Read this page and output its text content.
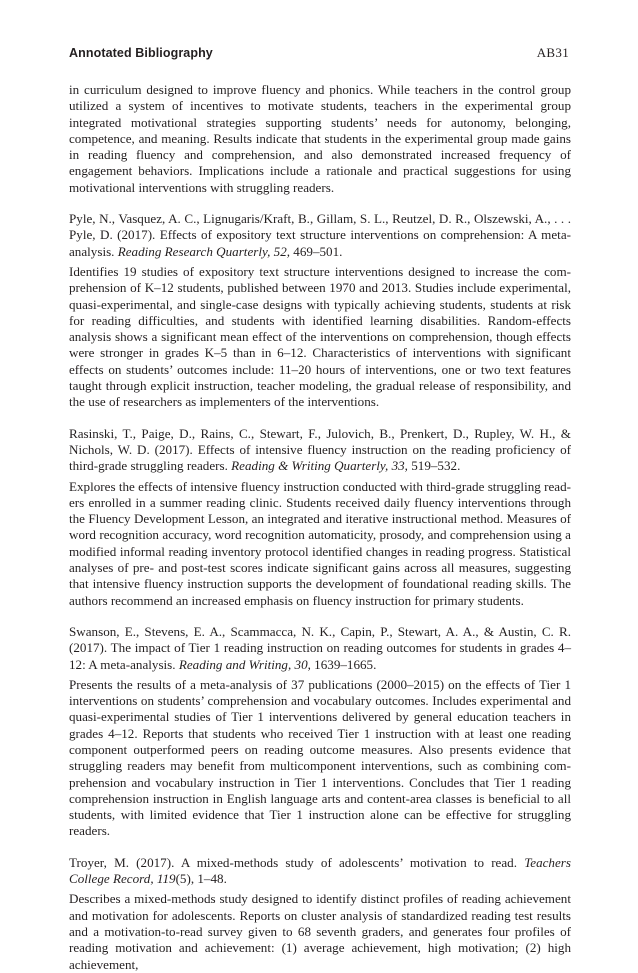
Annotated Bibliography	AB31

in curriculum designed to improve fluency and phonics. While teachers in the control group utilized a system of incentives to motivate students, teachers in the experimental group integrated motivational strategies supporting students’ needs for autonomy, belonging, competence, and meaning. Results indicate that students in the experimental group made gains in reading fluency and comprehension, and also demonstrated increased frequency of engagement behaviors. Implications include a rationale and practical suggestions for using motivational interventions with struggling readers.

Pyle, N., Vasquez, A. C., Lignugaris/Kraft, B., Gillam, S. L., Reutzel, D. R., Olszewski, A., . . . Pyle, D. (2017). Effects of expository text structure interventions on comprehension: A meta-analysis. Reading Research Quarterly, 52, 469–501.

Identifies 19 studies of expository text structure interventions designed to increase the comprehension of K–12 students, published between 1970 and 2013. Studies include experimental, quasi-experimental, and single-case designs with typically achieving students, students at risk for reading difficulties, and students with identified learning disabilities. Random-effects analysis shows a significant mean effect of the interventions on comprehension, though effects were stronger in grades K–5 than in 6–12. Characteristics of interventions with significant effects on students’ outcomes include: 11–20 hours of interventions, one or two text features taught through explicit instruction, teacher modeling, the gradual release of responsibility, and the use of researchers as implementers of the interventions.

Rasinski, T., Paige, D., Rains, C., Stewart, F., Julovich, B., Prenkert, D., Rupley, W. H., & Nichols, W. D. (2017). Effects of intensive fluency instruction on the reading proficiency of third-grade struggling readers. Reading & Writing Quarterly, 33, 519–532.

Explores the effects of intensive fluency instruction conducted with third-grade struggling readers enrolled in a summer reading clinic. Students received daily fluency interventions through the Fluency Development Lesson, an integrated and iterative instructional method. Measures of word recognition accuracy, word recognition automaticity, prosody, and comprehension using a modified informal reading inventory protocol identified changes in reading progress. Statistical analyses of pre- and post-test scores indicate significant gains across all measures, suggesting that intensive fluency instruction supports the development of foundational reading skills. The authors recommend an increased emphasis on fluency instruction for primary students.

Swanson, E., Stevens, E. A., Scammacca, N. K., Capin, P., Stewart, A. A., & Austin, C. R. (2017). The impact of Tier 1 reading instruction on reading outcomes for students in grades 4–12: A meta-analysis. Reading and Writing, 30, 1639–1665.

Presents the results of a meta-analysis of 37 publications (2000–2015) on the effects of Tier 1 interventions on students’ comprehension and vocabulary outcomes. Includes experimental and quasi-experimental studies of Tier 1 interventions delivered by general education teachers in grades 4–12. Reports that students who received Tier 1 instruction with at least one reading component outperformed peers on reading outcome measures. Also presents evidence that struggling readers may benefit from multicomponent interventions, such as combining comprehension and vocabulary instruction in Tier 1 interventions. Concludes that Tier 1 reading comprehension instruction in English language arts and content-area classes is beneficial to all students, with limited evidence that Tier 1 instruction alone can be effective for struggling readers.

Troyer, M. (2017). A mixed-methods study of adolescents’ motivation to read. Teachers College Record, 119(5), 1–48.

Describes a mixed-methods study designed to identify distinct profiles of reading achievement and motivation for adolescents. Reports on cluster analysis of standardized reading test results and a motivation-to-read survey given to 68 seventh graders, and generates four profiles of reading motivation and achievement: (1) average achievement, high motivation; (2) high achievement,
